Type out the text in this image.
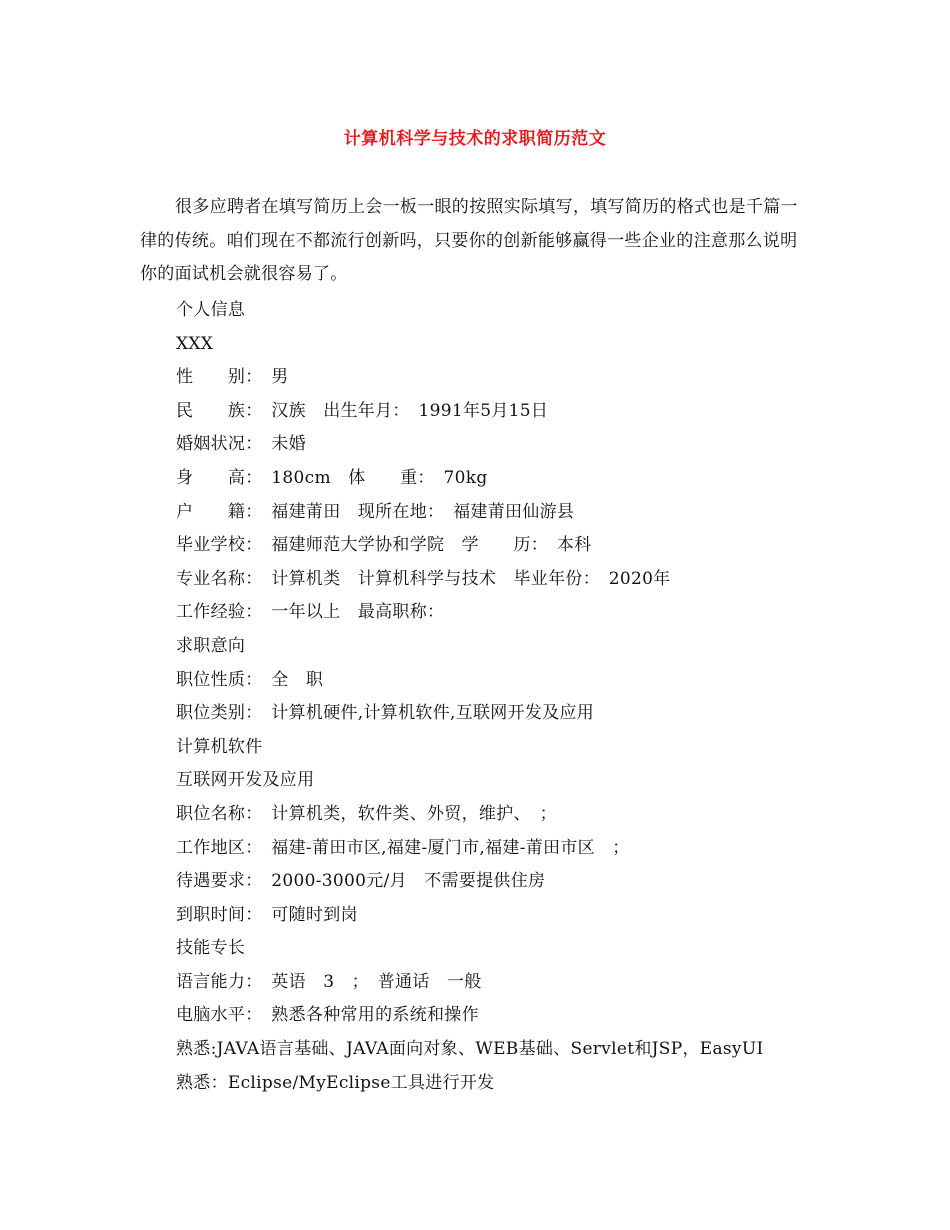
计算机科学与技术的求职简历范文

很多应聘者在填写简历上会一板一眼的按照实际填写，填写简历的格式也是千篇一律的传统。咱们现在不都流行创新吗，只要你的创新能够赢得一些企业的注意那么说明你的面试机会就很容易了。

个人信息
XXX
性　　别：　男
民　　族：　汉族　出生年月：　1991年5月15日
婚姻状况：　未婚
身　　高：　180cm　体　　重：　70kg
户　　籍：　福建莆田　现所在地：　福建莆田仙游县
毕业学校：　福建师范大学协和学院　学　　历：　本科
专业名称：　计算机类　计算机科学与技术　毕业年份：　2020年
工作经验：　一年以上　最高职称：
求职意向
职位性质：　全　职
职位类别：　计算机硬件,计算机软件,互联网开发及应用
计算机软件
互联网开发及应用
职位名称：　计算机类，软件类、外贸，维护、　；
工作地区：　福建-莆田市区,福建-厦门市,福建-莆田市区　；
待遇要求：　2000-3000元/月　不需要提供住房
到职时间：　可随时到岗
技能专长
语言能力：　英语　3　；　普通话　一般
电脑水平：　熟悉各种常用的系统和操作
熟悉:JAVA语言基础、JAVA面向对象、WEB基础、Servlet和JSP，EasyUI
熟悉：Eclipse/MyEclipse工具进行开发
